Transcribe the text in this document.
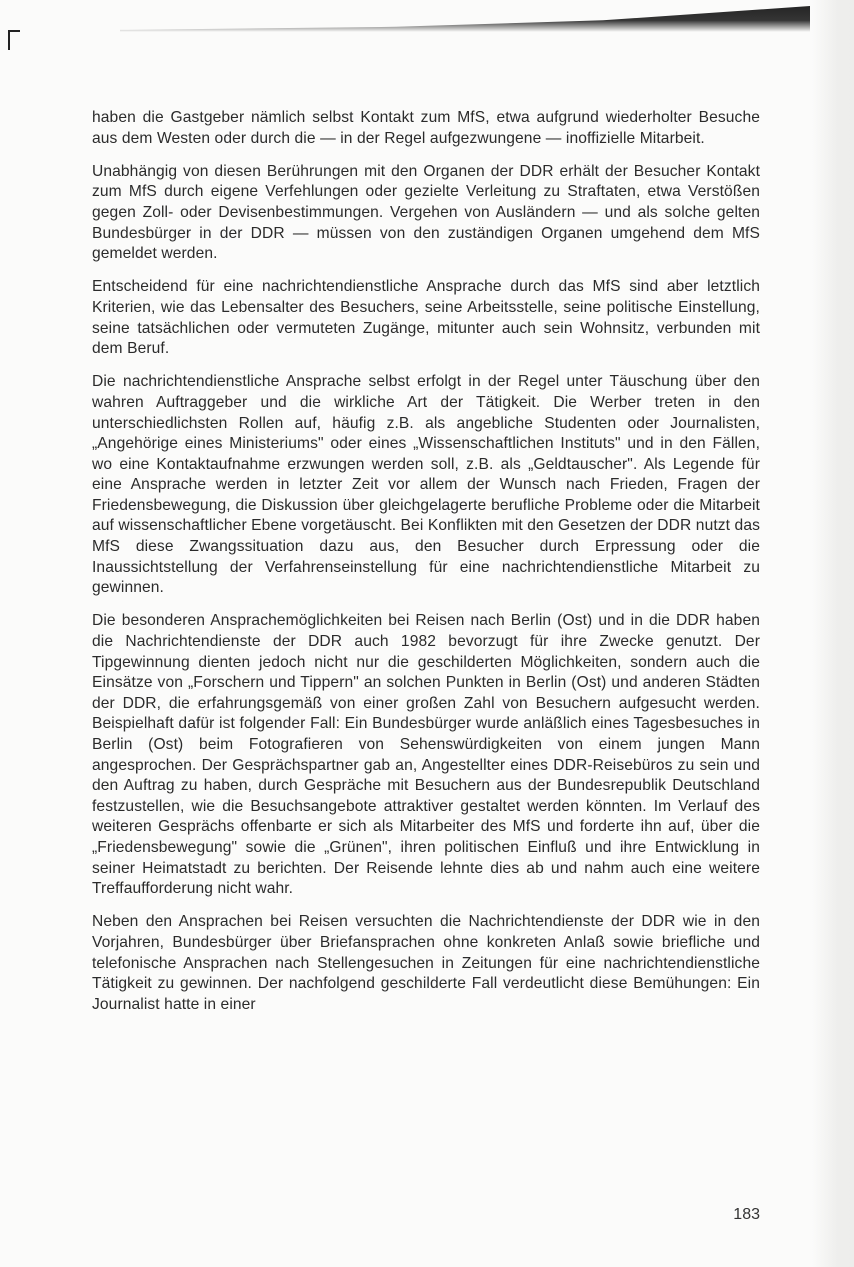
haben die Gastgeber nämlich selbst Kontakt zum MfS, etwa aufgrund wiederholter Besuche aus dem Westen oder durch die — in der Regel aufgezwungene — inoffizielle Mitarbeit.

Unabhängig von diesen Berührungen mit den Organen der DDR erhält der Besucher Kontakt zum MfS durch eigene Verfehlungen oder gezielte Verleitung zu Straftaten, etwa Verstößen gegen Zoll- oder Devisenbestimmungen. Vergehen von Ausländern — und als solche gelten Bundesbürger in der DDR — müssen von den zuständigen Organen umgehend dem MfS gemeldet werden.

Entscheidend für eine nachrichtendienstliche Ansprache durch das MfS sind aber letztlich Kriterien, wie das Lebensalter des Besuchers, seine Arbeitsstelle, seine politische Einstellung, seine tatsächlichen oder vermuteten Zugänge, mitunter auch sein Wohnsitz, verbunden mit dem Beruf.

Die nachrichtendienstliche Ansprache selbst erfolgt in der Regel unter Täuschung über den wahren Auftraggeber und die wirkliche Art der Tätigkeit. Die Werber treten in den unterschiedlichsten Rollen auf, häufig z.B. als angebliche Studenten oder Journalisten, „Angehörige eines Ministeriums" oder eines „Wissenschaftlichen Instituts" und in den Fällen, wo eine Kontaktaufnahme erzwungen werden soll, z.B. als „Geldtauscher". Als Legende für eine Ansprache werden in letzter Zeit vor allem der Wunsch nach Frieden, Fragen der Friedensbewegung, die Diskussion über gleichgelagerte berufliche Probleme oder die Mitarbeit auf wissenschaftlicher Ebene vorgetäuscht. Bei Konflikten mit den Gesetzen der DDR nutzt das MfS diese Zwangssituation dazu aus, den Besucher durch Erpressung oder die Inaussichtstellung der Verfahrenseinstellung für eine nachrichtendienstliche Mitarbeit zu gewinnen.

Die besonderen Ansprachemöglichkeiten bei Reisen nach Berlin (Ost) und in die DDR haben die Nachrichtendienste der DDR auch 1982 bevorzugt für ihre Zwecke genutzt. Der Tipgewinnung dienten jedoch nicht nur die geschilderten Möglichkeiten, sondern auch die Einsätze von „Forschern und Tippern" an solchen Punkten in Berlin (Ost) und anderen Städten der DDR, die erfahrungsgemäß von einer großen Zahl von Besuchern aufgesucht werden. Beispielhaft dafür ist folgender Fall: Ein Bundesbürger wurde anläßlich eines Tagesbesuches in Berlin (Ost) beim Fotografieren von Sehenswürdigkeiten von einem jungen Mann angesprochen. Der Gesprächspartner gab an, Angestellter eines DDR-Reisebüros zu sein und den Auftrag zu haben, durch Gespräche mit Besuchern aus der Bundesrepublik Deutschland festzustellen, wie die Besuchsangebote attraktiver gestaltet werden könnten. Im Verlauf des weiteren Gesprächs offenbarte er sich als Mitarbeiter des MfS und forderte ihn auf, über die „Friedensbewegung" sowie die „Grünen", ihren politischen Einfluß und ihre Entwicklung in seiner Heimatstadt zu berichten. Der Reisende lehnte dies ab und nahm auch eine weitere Treffaufforderung nicht wahr.

Neben den Ansprachen bei Reisen versuchten die Nachrichtendienste der DDR wie in den Vorjahren, Bundesbürger über Briefansprachen ohne konkreten Anlaß sowie briefliche und telefonische Ansprachen nach Stellengesuchen in Zeitungen für eine nachrichtendienstliche Tätigkeit zu gewinnen. Der nachfolgend geschilderte Fall verdeutlicht diese Bemühungen: Ein Journalist hatte in einer

183
